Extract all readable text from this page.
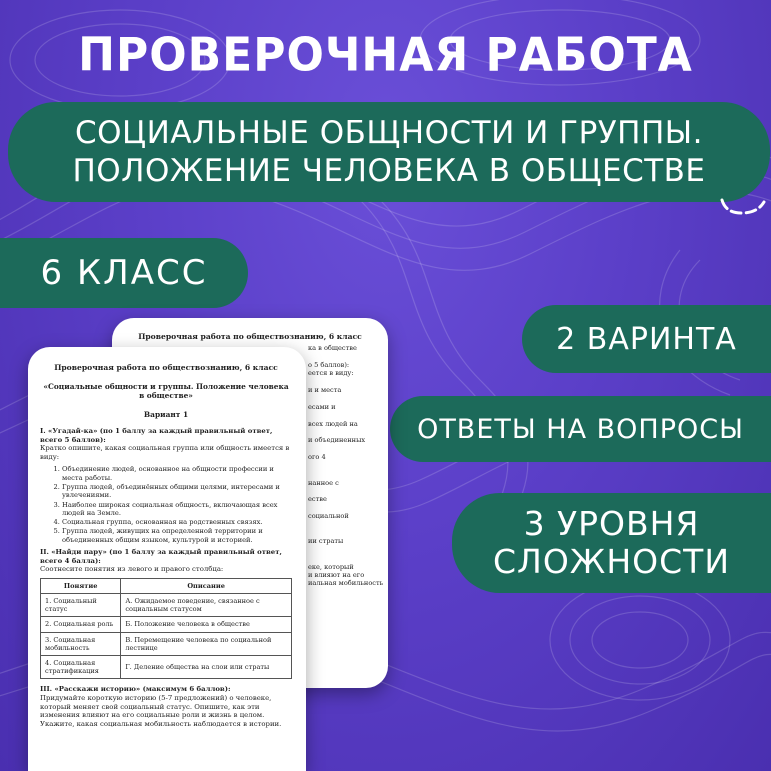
ПРОВЕРОЧНАЯ РАБОТА
СОЦИАЛЬНЫЕ ОБЩНОСТИ И ГРУППЫ.
ПОЛОЖЕНИЕ ЧЕЛОВЕКА В ОБЩЕСТВЕ
6 КЛАСС
2 ВАРИНТА
ОТВЕТЫ НА ВОПРОСЫ
3 УРОВНЯ
СЛОЖНОСТИ
Проверочная работа по обществознанию, 6 класс
ка в обществе

о 5 баллов):
еется в виду:

и и места

есами и

всех людей на

и объединенных

ого 4

нанное с

естве

социальной

ии страты

еке, который
и влияют на его
иальная мобильность
Проверочная работа по обществознанию, 6 класс
«Социальные общности и группы. Положение человека в обществе»
Вариант 1
I. «Угадай-ка» (по 1 баллу за каждый правильный ответ, всего 5 баллов):
Кратко опишите, какая социальная группа или общность имеется в виду:
1. Объединение людей, основанное на общности профессии и места работы.
2. Группа людей, объединённых общими целями, интересами и увлечениями.
3. Наиболее широкая социальная общность, включающая всех людей на Земле.
4. Социальная группа, основанная на родственных связях.
5. Группа людей, живущих на определенной территории и объединенных общим языком, культурой и историей.
II. «Найди пару» (по 1 баллу за каждый правильный ответ, всего 4 балла):
Соотнесите понятия из левого и правого столбца:
Понятие	Описание
1. Социальный статус	А. Ожидаемое поведение, связанное с социальным статусом
2. Социальная роль	Б. Положение человека в обществе
3. Социальная мобильность	В. Перемещение человека по социальной лестнице
4. Социальная стратификация	Г. Деление общества на слои или страты
III. «Расскажи историю» (максимум 6 баллов):
Придумайте короткую историю (5-7 предложений) о человеке, который меняет свой социальный статус. Опишите, как эти изменения влияют на его социальные роли и жизнь в целом. Укажите, какая социальная мобильность наблюдается в истории.
